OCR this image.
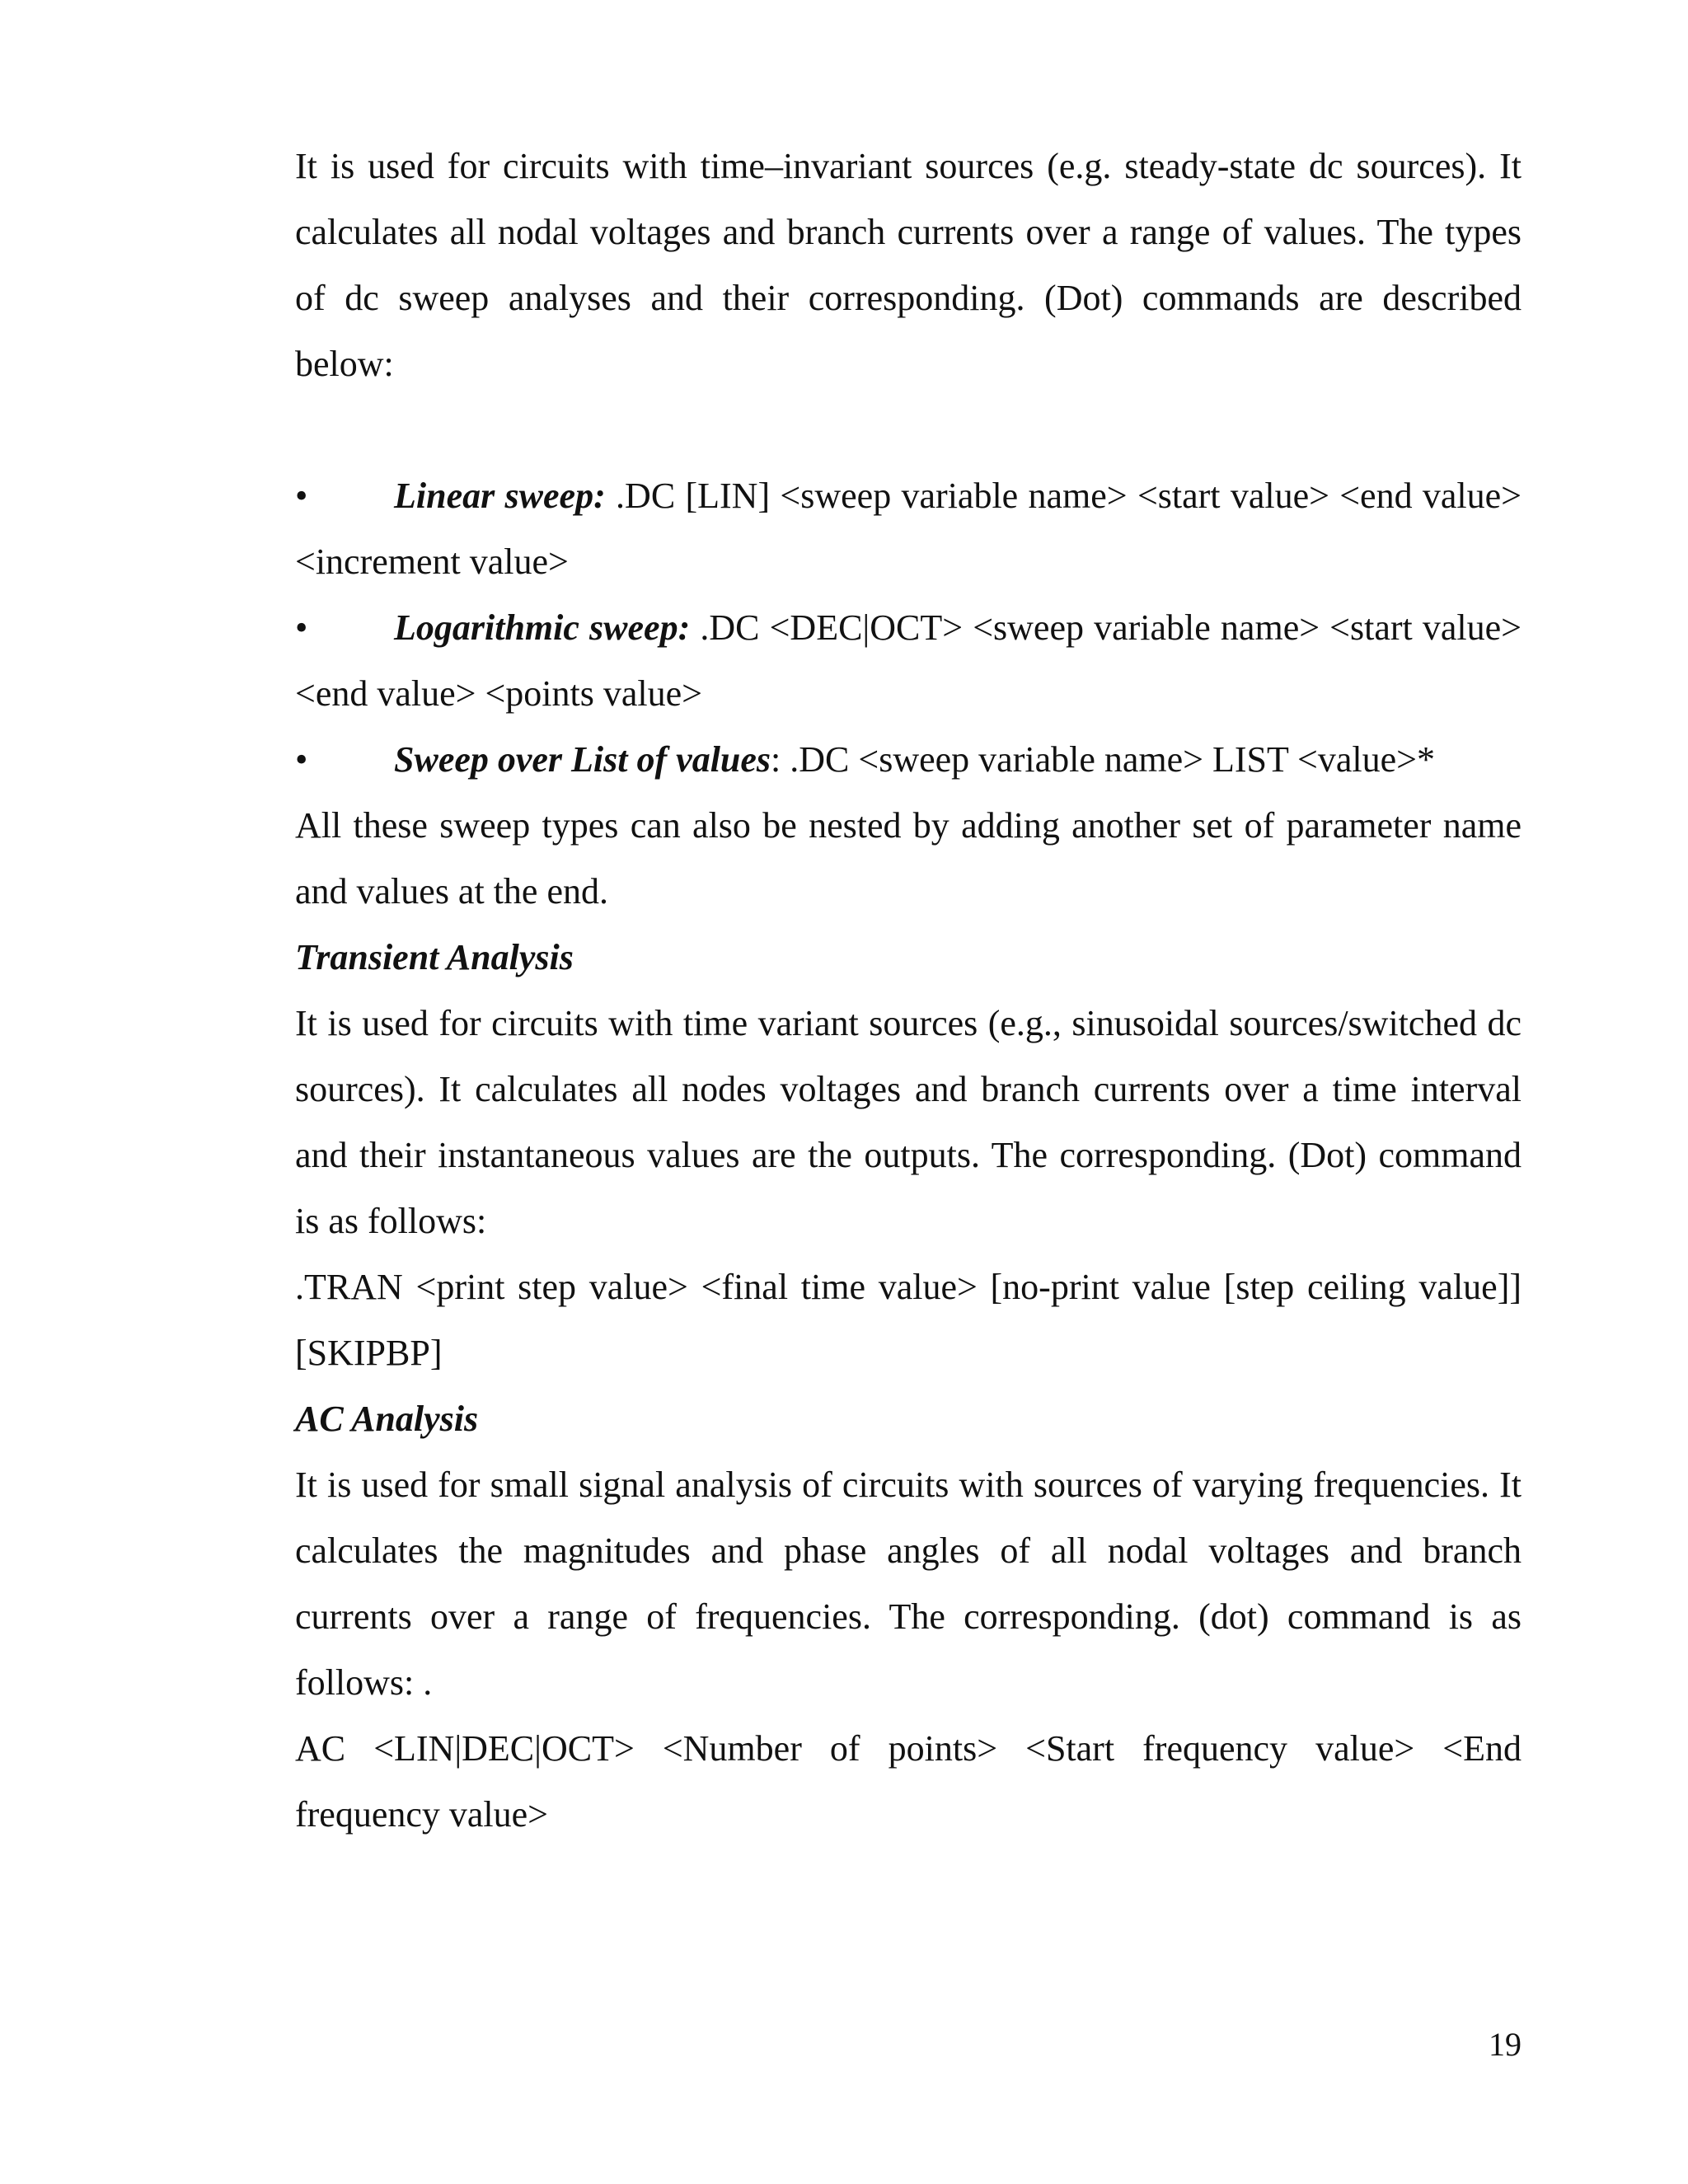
It is used for circuits with time–invariant sources (e.g. steady-state dc sources). It calculates all nodal voltages and branch currents over a range of values. The types of dc sweep analyses and their corresponding. (Dot) commands are described below:

• Linear sweep: .DC [LIN] <sweep variable name> <start value> <end value> <increment value>

• Logarithmic sweep: .DC <DEC|OCT> <sweep variable name> <start value> <end value> <points value>

• Sweep over List of values: .DC <sweep variable name> LIST <value>*

All these sweep types can also be nested by adding another set of parameter name and values at the end.

Transient Analysis

It is used for circuits with time variant sources (e.g., sinusoidal sources/switched dc sources). It calculates all nodes voltages and branch currents over a time interval and their instantaneous values are the outputs. The corresponding. (Dot) command is as follows:

.TRAN <print step value> <final time value> [no-print value [step ceiling value]] [SKIPBP]

AC Analysis

It is used for small signal analysis of circuits with sources of varying frequencies. It calculates the magnitudes and phase angles of all nodal voltages and branch currents over a range of frequencies. The corresponding. (dot) command is as follows: .

AC <LIN|DEC|OCT> <Number of points> <Start frequency value> <End frequency value>

19
